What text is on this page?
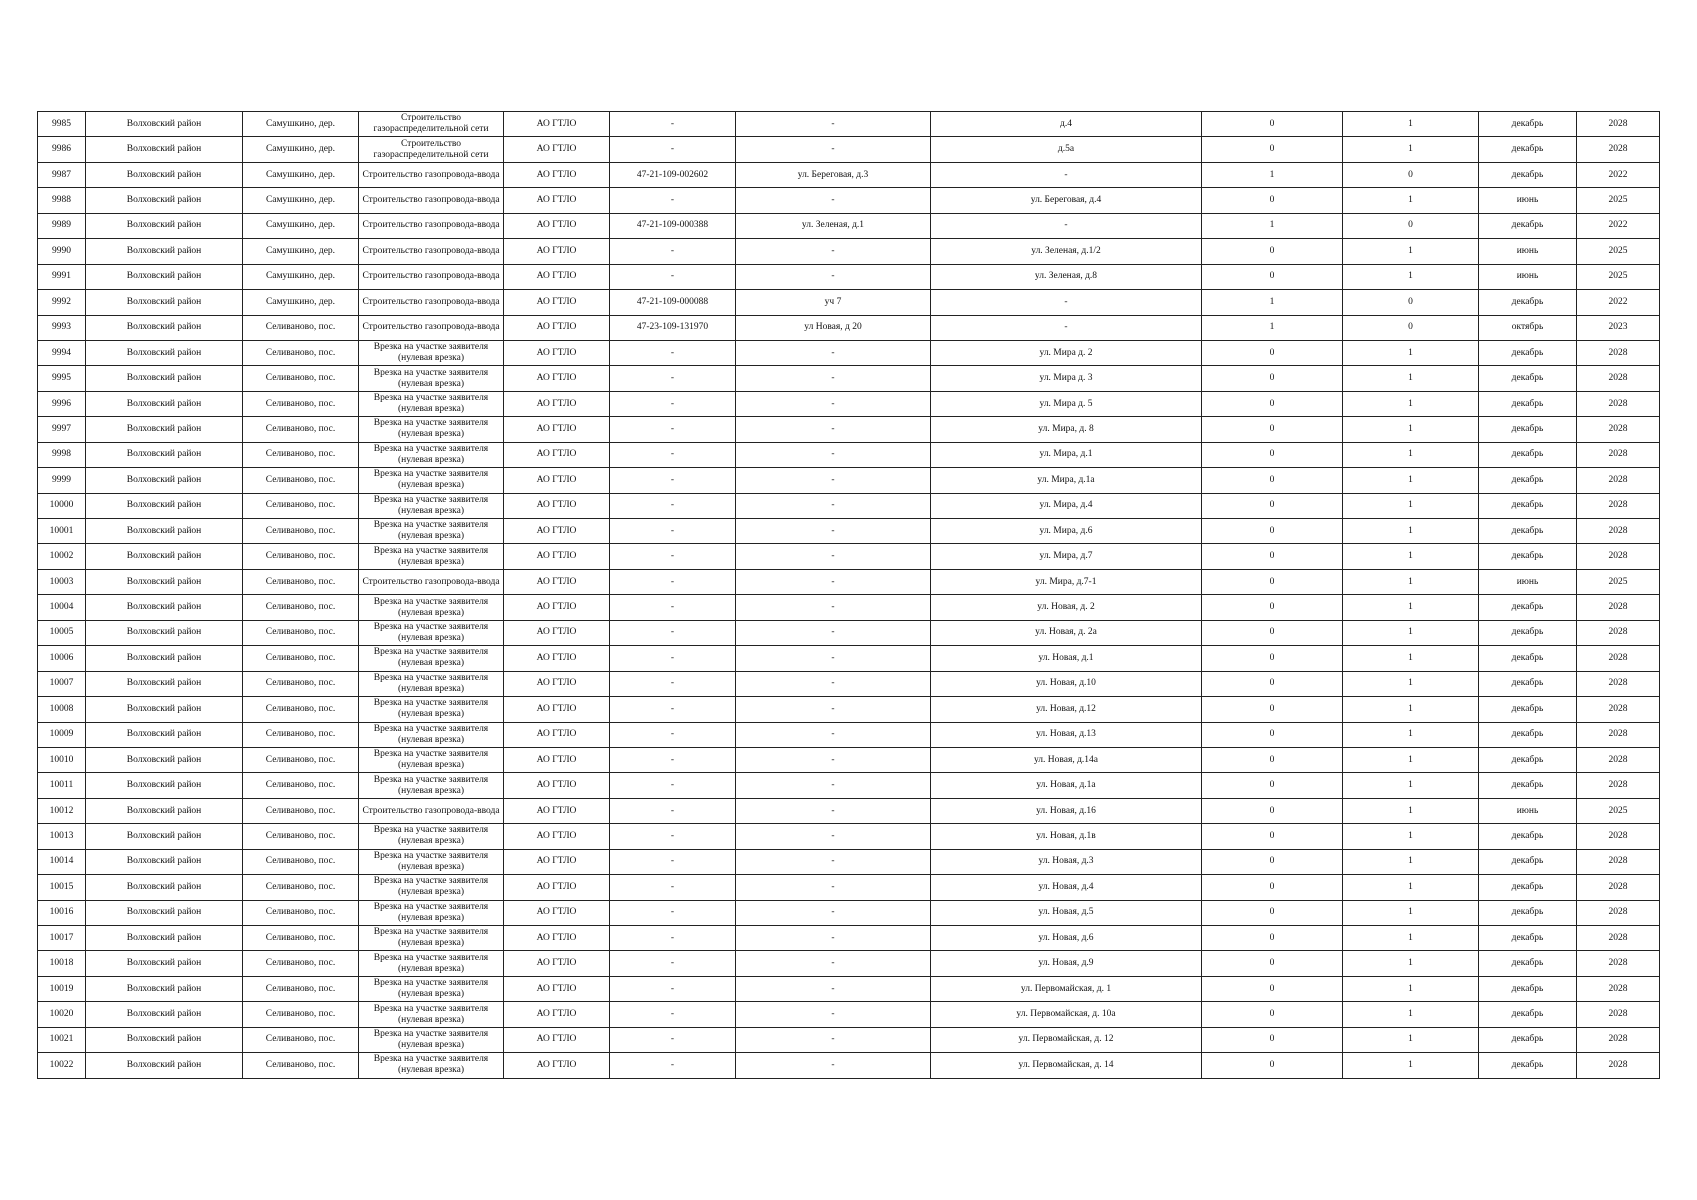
9985	Волховский район	Самушкино, дер.	Строительство газораспределительной сети	АО ГТЛО	-	-	д.4	0	1	декабрь	2028
9986	Волховский район	Самушкино, дер.	Строительство газораспределительной сети	АО ГТЛО	-	-	д.5а	0	1	декабрь	2028
9987	Волховский район	Самушкино, дер.	Строительство газопровода-ввода	АО ГТЛО	47-21-109-002602	ул. Береговая, д.3	-	1	0	декабрь	2022
9988	Волховский район	Самушкино, дер.	Строительство газопровода-ввода	АО ГТЛО	-	-	ул. Береговая, д.4	0	1	июнь	2025
9989	Волховский район	Самушкино, дер.	Строительство газопровода-ввода	АО ГТЛО	47-21-109-000388	ул. Зеленая, д.1	-	1	0	декабрь	2022
9990	Волховский район	Самушкино, дер.	Строительство газопровода-ввода	АО ГТЛО	-	-	ул. Зеленая, д.1/2	0	1	июнь	2025
9991	Волховский район	Самушкино, дер.	Строительство газопровода-ввода	АО ГТЛО	-	-	ул. Зеленая, д.8	0	1	июнь	2025
9992	Волховский район	Самушкино, дер.	Строительство газопровода-ввода	АО ГТЛО	47-21-109-000088	уч 7	-	1	0	декабрь	2022
9993	Волховский район	Селиваново, пос.	Строительство газопровода-ввода	АО ГТЛО	47-23-109-131970	ул Новая, д 20	-	1	0	октябрь	2023
9994	Волховский район	Селиваново, пос.	Врезка на участке заявителя (нулевая врезка)	АО ГТЛО	-	-	ул. Мира д. 2	0	1	декабрь	2028
9995	Волховский район	Селиваново, пос.	Врезка на участке заявителя (нулевая врезка)	АО ГТЛО	-	-	ул. Мира д. 3	0	1	декабрь	2028
9996	Волховский район	Селиваново, пос.	Врезка на участке заявителя (нулевая врезка)	АО ГТЛО	-	-	ул. Мира д. 5	0	1	декабрь	2028
9997	Волховский район	Селиваново, пос.	Врезка на участке заявителя (нулевая врезка)	АО ГТЛО	-	-	ул. Мира, д. 8	0	1	декабрь	2028
9998	Волховский район	Селиваново, пос.	Врезка на участке заявителя (нулевая врезка)	АО ГТЛО	-	-	ул. Мира, д.1	0	1	декабрь	2028
9999	Волховский район	Селиваново, пос.	Врезка на участке заявителя (нулевая врезка)	АО ГТЛО	-	-	ул. Мира, д.1а	0	1	декабрь	2028
10000	Волховский район	Селиваново, пос.	Врезка на участке заявителя (нулевая врезка)	АО ГТЛО	-	-	ул. Мира, д.4	0	1	декабрь	2028
10001	Волховский район	Селиваново, пос.	Врезка на участке заявителя (нулевая врезка)	АО ГТЛО	-	-	ул. Мира, д.6	0	1	декабрь	2028
10002	Волховский район	Селиваново, пос.	Врезка на участке заявителя (нулевая врезка)	АО ГТЛО	-	-	ул. Мира, д.7	0	1	декабрь	2028
10003	Волховский район	Селиваново, пос.	Строительство газопровода-ввода	АО ГТЛО	-	-	ул. Мира, д.7-1	0	1	июнь	2025
10004	Волховский район	Селиваново, пос.	Врезка на участке заявителя (нулевая врезка)	АО ГТЛО	-	-	ул. Новая, д. 2	0	1	декабрь	2028
10005	Волховский район	Селиваново, пос.	Врезка на участке заявителя (нулевая врезка)	АО ГТЛО	-	-	ул. Новая, д. 2а	0	1	декабрь	2028
10006	Волховский район	Селиваново, пос.	Врезка на участке заявителя (нулевая врезка)	АО ГТЛО	-	-	ул. Новая, д.1	0	1	декабрь	2028
10007	Волховский район	Селиваново, пос.	Врезка на участке заявителя (нулевая врезка)	АО ГТЛО	-	-	ул. Новая, д.10	0	1	декабрь	2028
10008	Волховский район	Селиваново, пос.	Врезка на участке заявителя (нулевая врезка)	АО ГТЛО	-	-	ул. Новая, д.12	0	1	декабрь	2028
10009	Волховский район	Селиваново, пос.	Врезка на участке заявителя (нулевая врезка)	АО ГТЛО	-	-	ул. Новая, д.13	0	1	декабрь	2028
10010	Волховский район	Селиваново, пос.	Врезка на участке заявителя (нулевая врезка)	АО ГТЛО	-	-	ул. Новая, д.14а	0	1	декабрь	2028
10011	Волховский район	Селиваново, пос.	Врезка на участке заявителя (нулевая врезка)	АО ГТЛО	-	-	ул. Новая, д.1а	0	1	декабрь	2028
10012	Волховский район	Селиваново, пос.	Строительство газопровода-ввода	АО ГТЛО	-	-	ул. Новая, д.16	0	1	июнь	2025
10013	Волховский район	Селиваново, пос.	Врезка на участке заявителя (нулевая врезка)	АО ГТЛО	-	-	ул. Новая, д.1в	0	1	декабрь	2028
10014	Волховский район	Селиваново, пос.	Врезка на участке заявителя (нулевая врезка)	АО ГТЛО	-	-	ул. Новая, д.3	0	1	декабрь	2028
10015	Волховский район	Селиваново, пос.	Врезка на участке заявителя (нулевая врезка)	АО ГТЛО	-	-	ул. Новая, д.4	0	1	декабрь	2028
10016	Волховский район	Селиваново, пос.	Врезка на участке заявителя (нулевая врезка)	АО ГТЛО	-	-	ул. Новая, д.5	0	1	декабрь	2028
10017	Волховский район	Селиваново, пос.	Врезка на участке заявителя (нулевая врезка)	АО ГТЛО	-	-	ул. Новая, д.6	0	1	декабрь	2028
10018	Волховский район	Селиваново, пос.	Врезка на участке заявителя (нулевая врезка)	АО ГТЛО	-	-	ул. Новая, д.9	0	1	декабрь	2028
10019	Волховский район	Селиваново, пос.	Врезка на участке заявителя (нулевая врезка)	АО ГТЛО	-	-	ул. Первомайская, д. 1	0	1	декабрь	2028
10020	Волховский район	Селиваново, пос.	Врезка на участке заявителя (нулевая врезка)	АО ГТЛО	-	-	ул. Первомайская, д. 10а	0	1	декабрь	2028
10021	Волховский район	Селиваново, пос.	Врезка на участке заявителя (нулевая врезка)	АО ГТЛО	-	-	ул. Первомайская, д. 12	0	1	декабрь	2028
10022	Волховский район	Селиваново, пос.	Врезка на участке заявителя (нулевая врезка)	АО ГТЛО	-	-	ул. Первомайская, д. 14	0	1	декабрь	2028
